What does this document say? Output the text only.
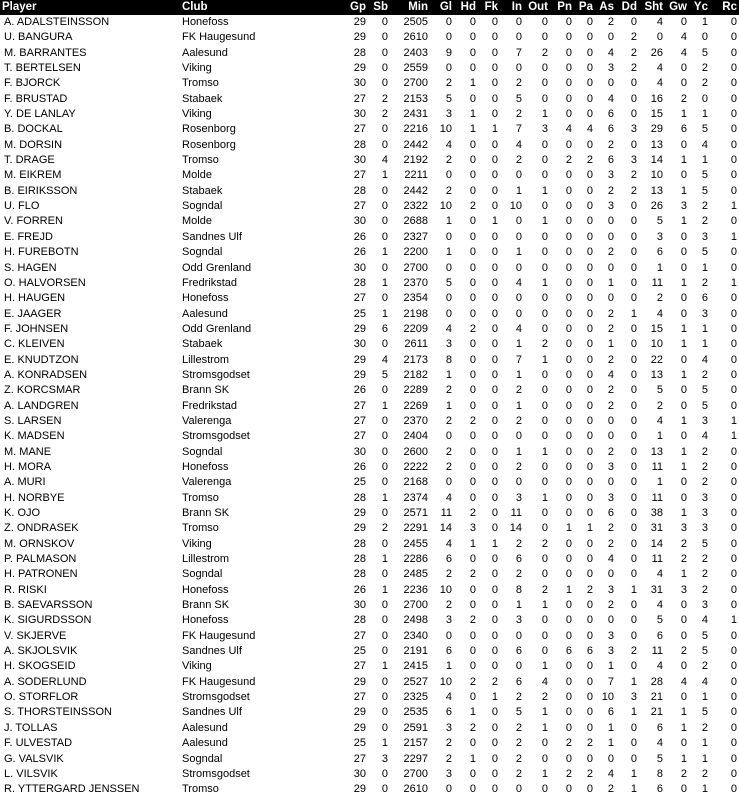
Player	Club	Gp	Sb	Min	Gl	Hd	Fk	In	Out	Pn	Pa	As	Dd	Sht	Gw	Yc	Rc
A. ADALSTEINSSON	Honefoss	29	0	2505	0	0	0	0	0	0	0	2	0	4	0	1	0
U. BANGURA	FK Haugesund	29	0	2610	0	0	0	0	0	0	0	0	2	0	4	0	0
M. BARRANTES	Aalesund	28	0	2403	9	0	0	7	2	0	0	4	2	26	4	5	0
T. BERTELSEN	Viking	29	0	2559	0	0	0	0	0	0	0	3	2	4	0	2	0
F. BJORCK	Tromso	30	0	2700	2	1	0	2	0	0	0	0	0	4	0	2	0
F. BRUSTAD	Stabaek	27	2	2153	5	0	0	5	0	0	0	4	0	16	2	0	0
Y. DE LANLAY	Viking	30	2	2431	3	1	0	2	1	0	0	6	0	15	1	1	0
B. DOCKAL	Rosenborg	27	0	2216	10	1	1	7	3	4	4	6	3	29	6	5	0
M. DORSIN	Rosenborg	28	0	2442	4	0	0	4	0	0	0	2	0	13	0	4	0
T. DRAGE	Tromso	30	4	2192	2	0	0	2	0	2	2	6	3	14	1	1	0
M. EIKREM	Molde	27	1	2211	0	0	0	0	0	0	0	3	2	10	0	5	0
B. EIRIKSSON	Stabaek	28	0	2442	2	0	0	1	1	0	0	2	2	13	1	5	0
U. FLO	Sogndal	27	0	2322	10	2	0	10	0	0	0	3	0	26	3	2	1
V. FORREN	Molde	30	0	2688	1	0	1	0	1	0	0	0	0	5	1	2	0
E. FREJD	Sandnes Ulf	26	0	2327	0	0	0	0	0	0	0	0	0	3	0	3	1
H. FUREBOTN	Sogndal	26	1	2200	1	0	0	1	0	0	0	2	0	6	0	5	0
S. HAGEN	Odd Grenland	30	0	2700	0	0	0	0	0	0	0	0	0	1	0	1	0
O. HALVORSEN	Fredrikstad	28	1	2370	5	0	0	4	1	0	0	1	0	11	1	2	1
H. HAUGEN	Honefoss	27	0	2354	0	0	0	0	0	0	0	0	0	2	0	6	0
E. JAAGER	Aalesund	25	1	2198	0	0	0	0	0	0	0	2	1	4	0	3	0
F. JOHNSEN	Odd Grenland	29	6	2209	4	2	0	4	0	0	0	2	0	15	1	1	0
C. KLEIVEN	Stabaek	30	0	2611	3	0	0	1	2	0	0	1	0	10	1	1	0
E. KNUDTZON	Lillestrom	29	4	2173	8	0	0	7	1	0	0	2	0	22	0	4	0
A. KONRADSEN	Stromsgodset	29	5	2182	1	0	0	1	0	0	0	4	0	13	1	2	0
Z. KORCSMAR	Brann SK	26	0	2289	2	0	0	2	0	0	0	2	0	5	0	5	0
A. LANDGREN	Fredrikstad	27	1	2269	1	0	0	1	0	0	0	2	0	2	0	5	0
S. LARSEN	Valerenga	27	0	2370	2	2	0	2	0	0	0	0	0	4	1	3	1
K. MADSEN	Stromsgodset	27	0	2404	0	0	0	0	0	0	0	0	0	1	0	4	1
M. MANE	Sogndal	30	0	2600	2	0	0	1	1	0	0	2	0	13	1	2	0
H. MORA	Honefoss	26	0	2222	2	0	0	2	0	0	0	3	0	11	1	2	0
A. MURI	Valerenga	25	0	2168	0	0	0	0	0	0	0	0	0	1	0	2	0
H. NORBYE	Tromso	28	1	2374	4	0	0	3	1	0	0	3	0	11	0	3	0
K. OJO	Brann SK	29	0	2571	11	2	0	11	0	0	0	6	0	38	1	3	0
Z. ONDRASEK	Tromso	29	2	2291	14	3	0	14	0	1	1	2	0	31	3	3	0
M. ORNSKOV	Viking	28	0	2455	4	1	1	2	2	0	0	2	0	14	2	5	0
P. PALMASON	Lillestrom	28	1	2286	6	0	0	6	0	0	0	4	0	11	2	2	0
H. PATRONEN	Sogndal	28	0	2485	2	2	0	2	0	0	0	0	0	4	1	2	0
R. RISKI	Honefoss	26	1	2236	10	0	0	8	2	1	2	3	1	31	3	2	0
B. SAEVARSSON	Brann SK	30	0	2700	2	0	0	1	1	0	0	2	0	4	0	3	0
K. SIGURDSSON	Honefoss	28	0	2498	3	2	0	3	0	0	0	0	0	5	0	4	1
V. SKJERVE	FK Haugesund	27	0	2340	0	0	0	0	0	0	0	3	0	6	0	5	0
A. SKJOLSVIK	Sandnes Ulf	25	0	2191	6	0	0	6	0	6	6	3	2	11	2	5	0
H. SKOGSEID	Viking	27	1	2415	1	0	0	0	1	0	0	1	0	4	0	2	0
A. SODERLUND	FK Haugesund	29	0	2527	10	2	2	6	4	0	0	7	1	28	4	4	0
O. STORFLOR	Stromsgodset	27	0	2325	4	0	1	2	2	0	0	10	3	21	0	1	0
S. THORSTEINSSON	Sandnes Ulf	29	0	2535	6	1	0	5	1	0	0	6	1	21	1	5	0
J. TOLLAS	Aalesund	29	0	2591	3	2	0	2	1	0	0	1	0	6	1	2	0
F. ULVESTAD	Aalesund	25	1	2157	2	0	0	2	0	2	2	1	0	4	0	1	0
G. VALSVIK	Sogndal	27	3	2297	2	1	0	2	0	0	0	0	0	5	1	1	0
L. VILSVIK	Stromsgodset	30	0	2700	3	0	0	2	1	2	2	4	1	8	2	2	0
R. YTTERGARD JENSSEN	Tromso	29	0	2610	0	0	0	0	0	0	0	2	1	6	0	1	0
